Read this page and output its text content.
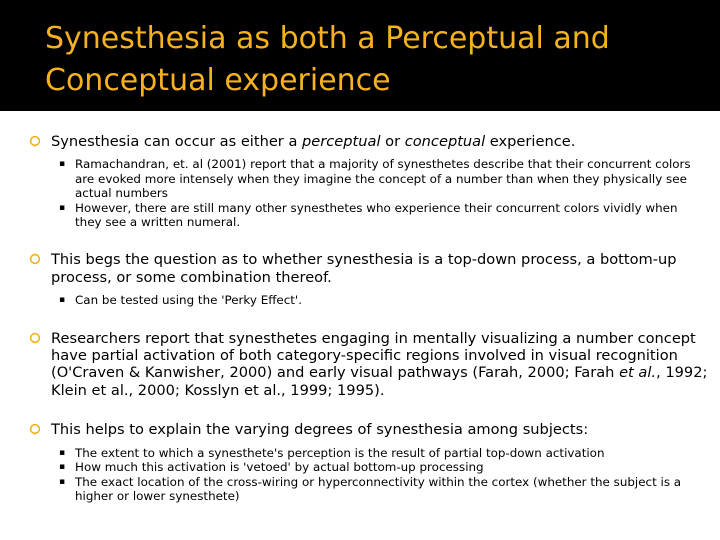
Synesthesia as both a Perceptual and Conceptual experience
Synesthesia can occur as either a perceptual or conceptual experience.
▪ Ramachandran, et. al (2001) report that a majority of synesthetes describe that their concurrent colors are evoked more intensely when they imagine the concept of a number than when they physically see actual numbers
▪ However, there are still many other synesthetes who experience their concurrent colors vividly when they see a written numeral.
This begs the question as to whether synesthesia is a top-down process, a bottom-up process, or some combination thereof.
▪ Can be tested using the 'Perky Effect'.
Researchers report that synesthetes engaging in mentally visualizing a number concept have partial activation of both category-specific regions involved in visual recognition (O'Craven & Kanwisher, 2000) and early visual pathways (Farah, 2000; Farah et al., 1992; Klein et al., 2000; Kosslyn et al., 1999; 1995).
This helps to explain the varying degrees of synesthesia among subjects:
▪ The extent to which a synesthete's perception is the result of partial top-down activation
▪ How much this activation is 'vetoed' by actual bottom-up processing
▪ The exact location of the cross-wiring or hyperconnectivity within the cortex (whether the subject is a higher or lower synesthete)
